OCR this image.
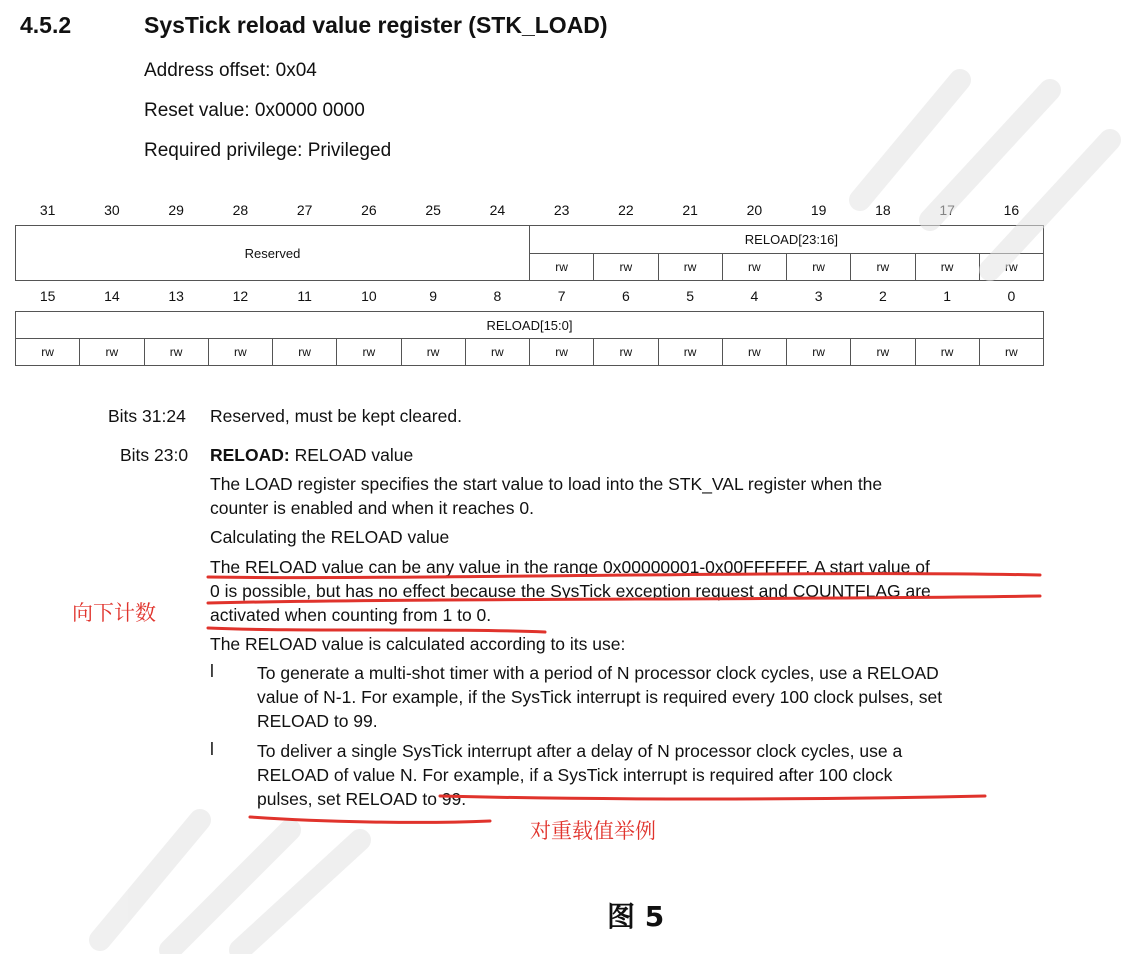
4.5.2	SysTick reload value register (STK_LOAD)
Address offset: 0x04
Reset value: 0x0000 0000
Required privilege: Privileged
31	30	29	28	27	26	25	24	23	22	21	20	19	18	17	16
Reserved								RELOAD[23:16]							
								rw	rw	rw	rw	rw	rw	rw	rw
15	14	13	12	11	10	9	8	7	6	5	4	3	2	1	0
RELOAD[15:0]															
rw	rw	rw	rw	rw	rw	rw	rw	rw	rw	rw	rw	rw	rw	rw	rw
Bits 31:24 Reserved, must be kept cleared.
Bits 23:0 RELOAD: RELOAD value
The LOAD register specifies the start value to load into the STK_VAL register when the
counter is enabled and when it reaches 0.
Calculating the RELOAD value
The RELOAD value can be any value in the range 0x00000001-0x00FFFFFF. A start value of
0 is possible, but has no effect because the SysTick exception request and COUNTFLAG are
activated when counting from 1 to 0.
The RELOAD value is calculated according to its use:
l To generate a multi-shot timer with a period of N processor clock cycles, use a RELOAD
value of N-1. For example, if the SysTick interrupt is required every 100 clock pulses, set
RELOAD to 99.
l To deliver a single SysTick interrupt after a delay of N processor clock cycles, use a
RELOAD of value N. For example, if a SysTick interrupt is required after 100 clock
pulses, set RELOAD to 99.
向下计数
对重载值举例
图 5
